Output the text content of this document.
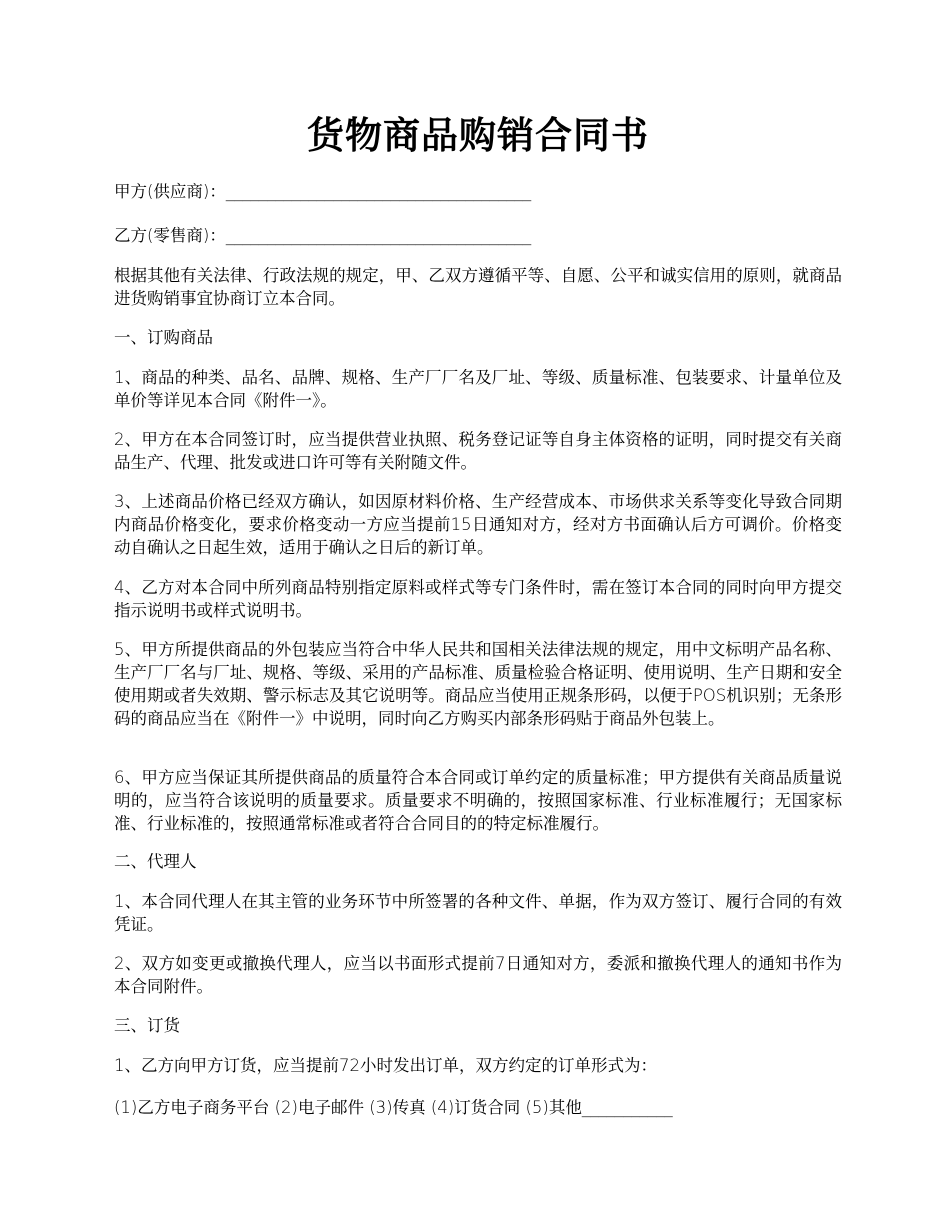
货物商品购销合同书

甲方(供应商)：_____________________________________

乙方(零售商)：_____________________________________

根据其他有关法律、行政法规的规定，甲、乙双方遵循平等、自愿、公平和诚实信用的原则，就商品进货购销事宜协商订立本合同。

一、订购商品

1、商品的种类、品名、品牌、规格、生产厂厂名及厂址、等级、质量标准、包装要求、计量单位及单价等详见本合同《附件一》。

2、甲方在本合同签订时，应当提供营业执照、税务登记证等自身主体资格的证明，同时提交有关商品生产、代理、批发或进口许可等有关附随文件。

3、上述商品价格已经双方确认，如因原材料价格、生产经营成本、市场供求关系等变化导致合同期内商品价格变化，要求价格变动一方应当提前15日通知对方，经对方书面确认后方可调价。价格变动自确认之日起生效，适用于确认之日后的新订单。

4、乙方对本合同中所列商品特别指定原料或样式等专门条件时，需在签订本合同的同时向甲方提交指示说明书或样式说明书。

5、甲方所提供商品的外包装应当符合中华人民共和国相关法律法规的规定，用中文标明产品名称、生产厂厂名与厂址、规格、等级、采用的产品标准、质量检验合格证明、使用说明、生产日期和安全使用期或者失效期、警示标志及其它说明等。商品应当使用正规条形码，以便于POS机识别；无条形码的商品应当在《附件一》中说明，同时向乙方购买内部条形码贴于商品外包装上。

6、甲方应当保证其所提供商品的质量符合本合同或订单约定的质量标准；甲方提供有关商品质量说明的，应当符合该说明的质量要求。质量要求不明确的，按照国家标准、行业标准履行；无国家标准、行业标准的，按照通常标准或者符合合同目的的特定标准履行。

二、代理人

1、本合同代理人在其主管的业务环节中所签署的各种文件、单据，作为双方签订、履行合同的有效凭证。

2、双方如变更或撤换代理人，应当以书面形式提前7日通知对方，委派和撤换代理人的通知书作为本合同附件。

三、订货

1、乙方向甲方订货，应当提前72小时发出订单，双方约定的订单形式为：

(1)乙方电子商务平台 (2)电子邮件 (3)传真 (4)订货合同 (5)其他___________
